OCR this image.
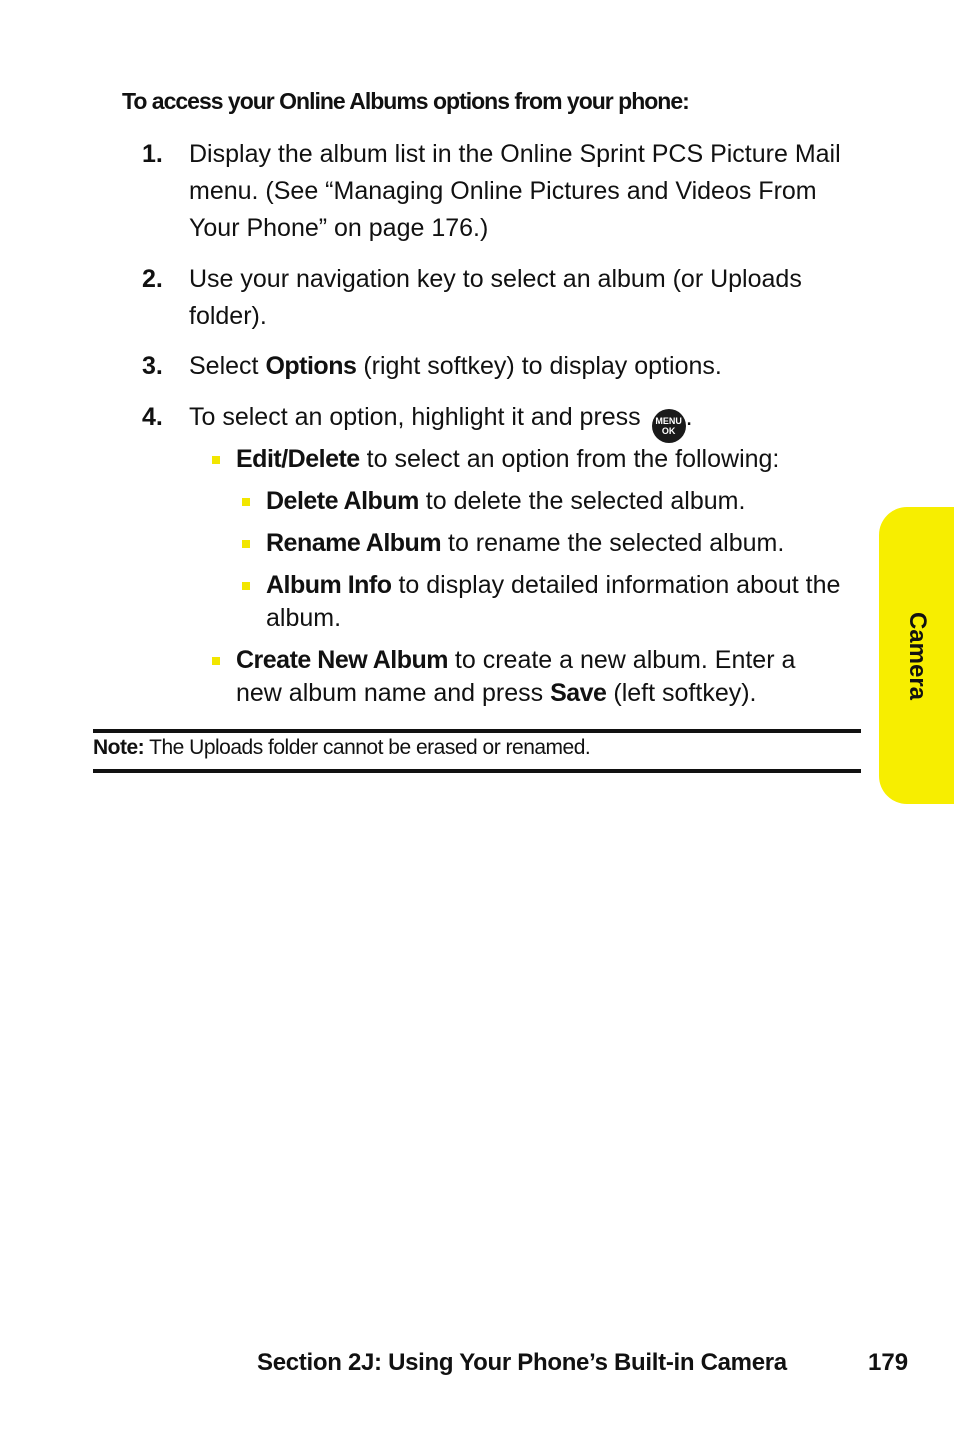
To access your Online Albums options from your phone:
1.	Display the album list in the Online Sprint PCS Picture Mail menu. (See “Managing Online Pictures and Videos From Your Phone” on page 176.)
2.	Use your navigation key to select an album (or Uploads folder).
3.	Select Options (right softkey) to display options.
4.	To select an option, highlight it and press MENU
OK .
Edit/Delete to select an option from the following:
Delete Album to delete the selected album.
Rename Album to rename the selected album.
Album Info to display detailed information about the album.
Create New Album to create a new album. Enter a new album name and press Save (left softkey).
Note: The Uploads folder cannot be erased or renamed.
Camera
Section 2J: Using Your Phone’s Built-in Camera	179
